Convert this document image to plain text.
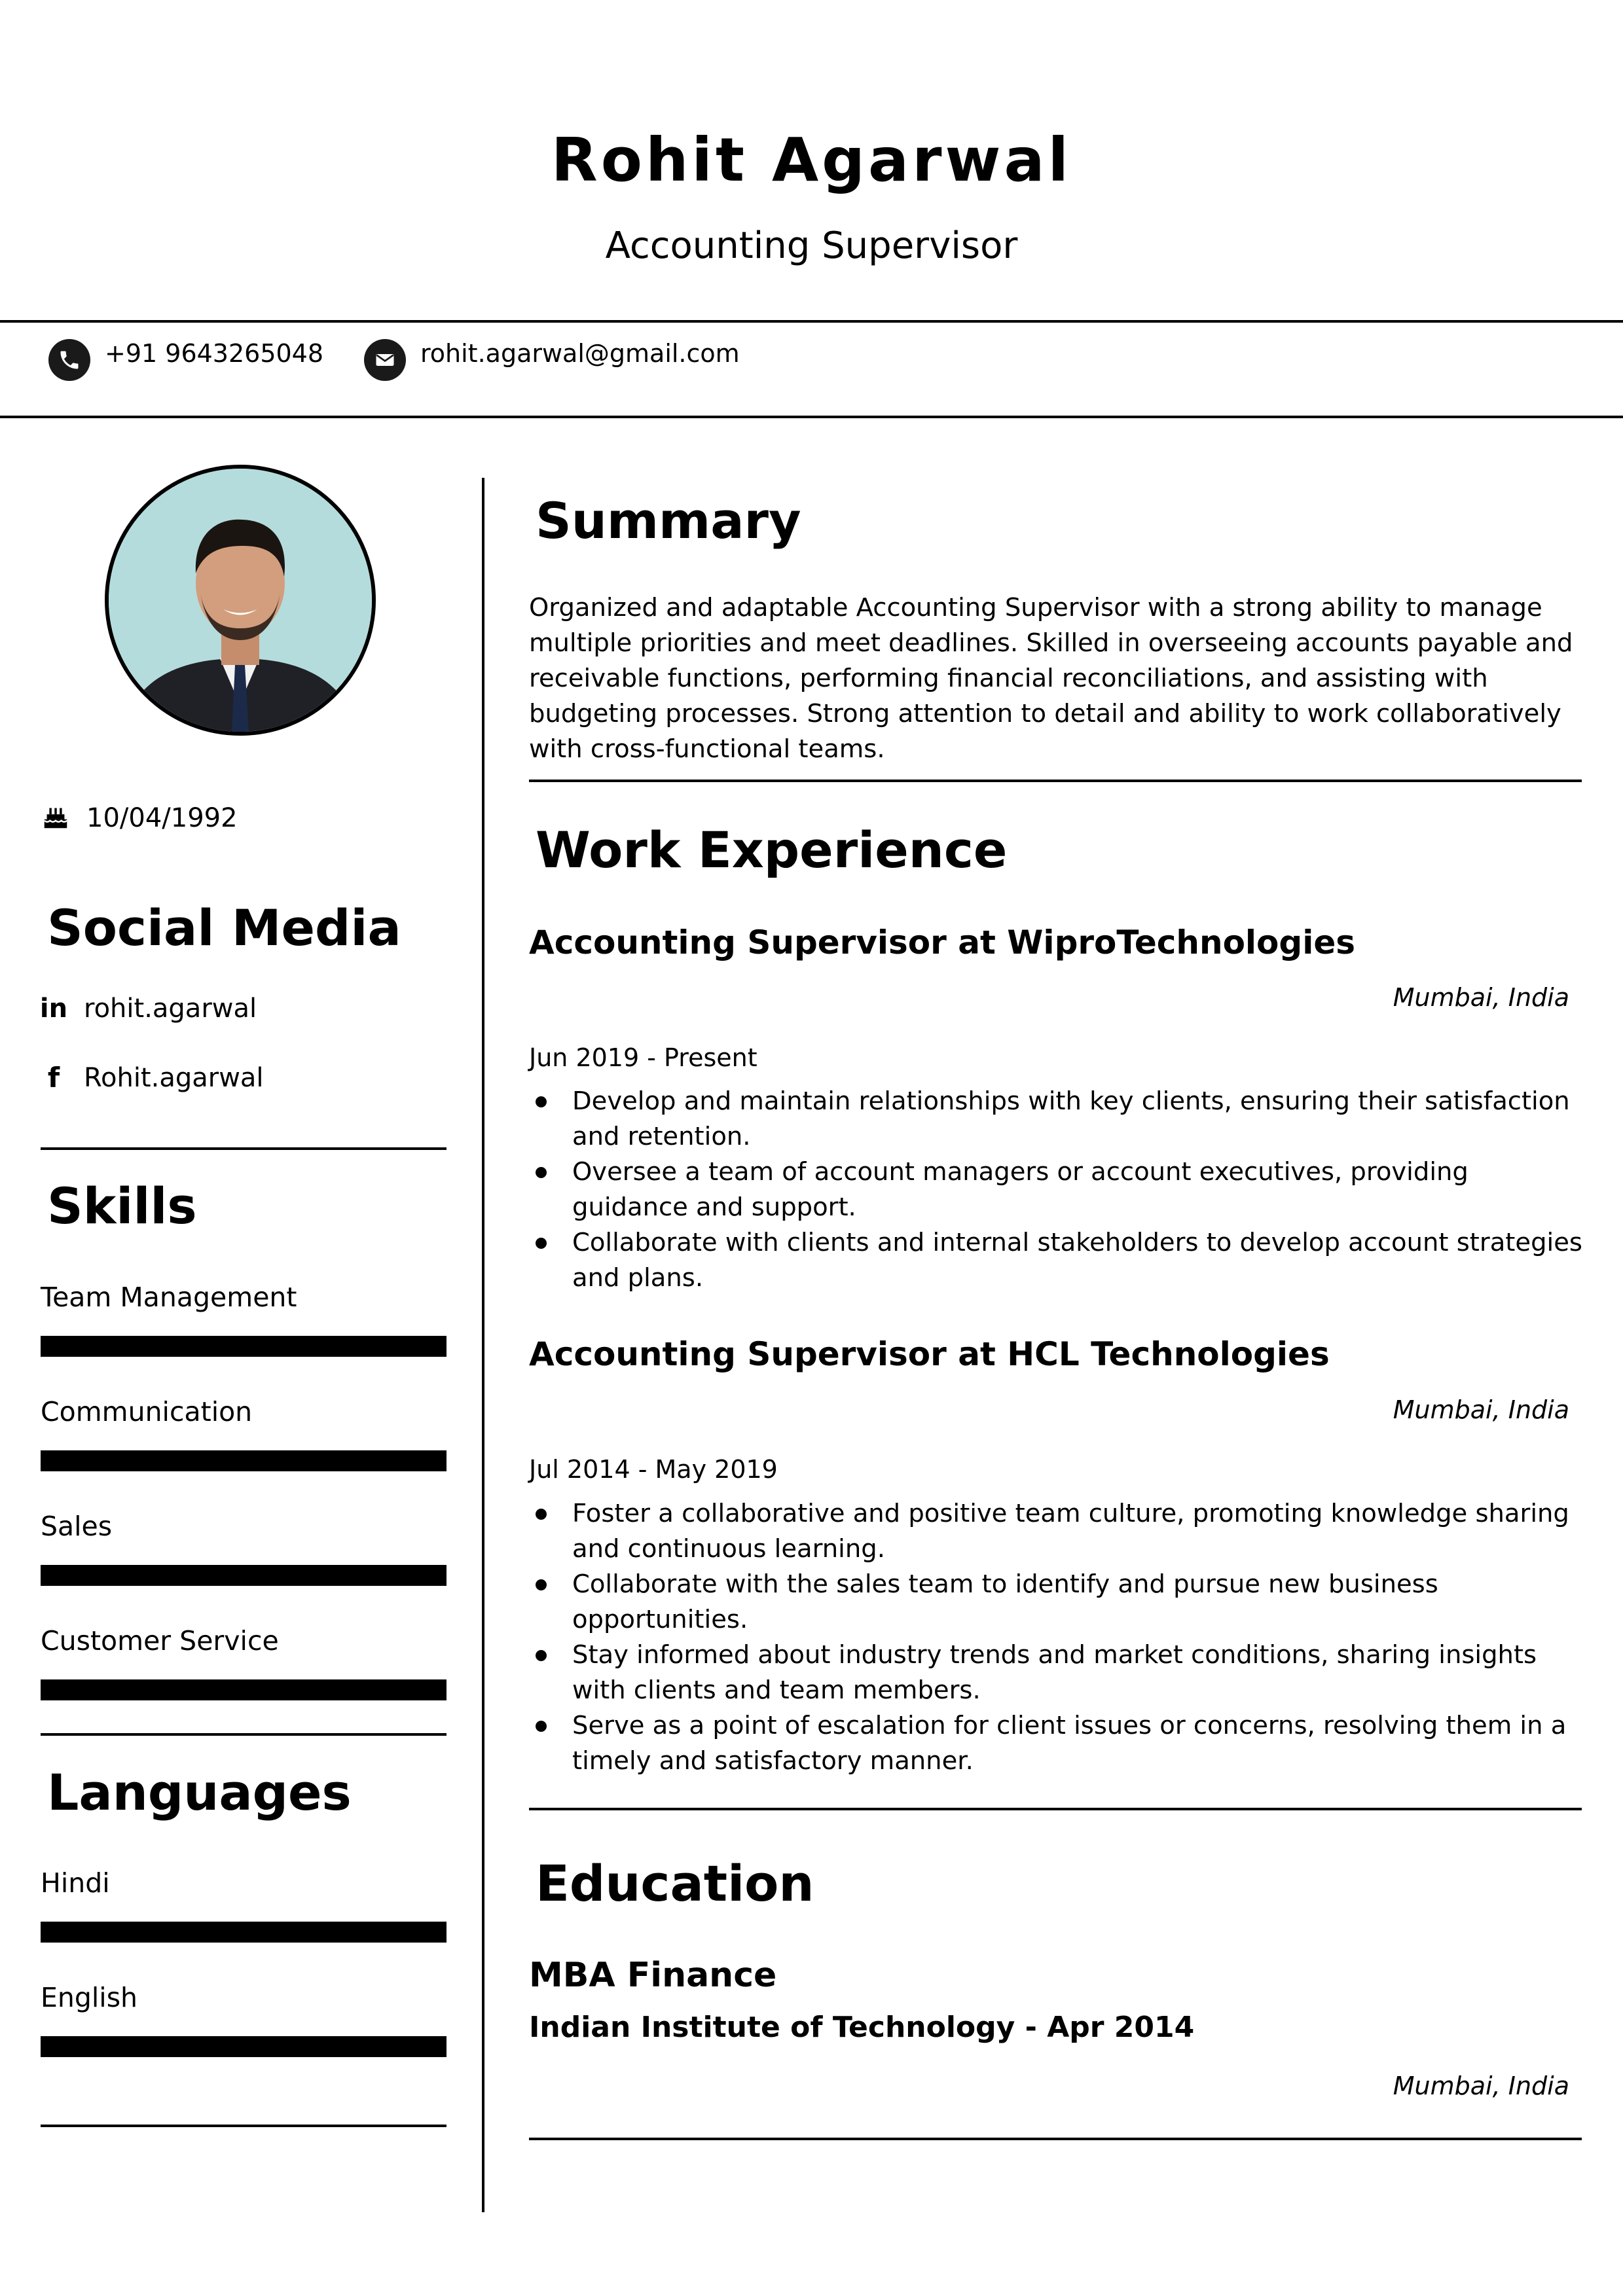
Rohit Agarwal
Accounting Supervisor
+91 9643265048	rohit.agarwal@gmail.com
10/04/1992
Social Media
in rohit.agarwal
f Rohit.agarwal
Skills
Team Management
Communication
Sales
Customer Service
Languages
Hindi
English
Summary
Organized and adaptable Accounting Supervisor with a strong ability to manage multiple priorities and meet deadlines. Skilled in overseeing accounts payable and receivable functions, performing financial reconciliations, and assisting with budgeting processes. Strong attention to detail and ability to work collaboratively with cross-functional teams.
Work Experience
Accounting Supervisor at WiproTechnologies
Mumbai, India
Jun 2019 - Present
Develop and maintain relationships with key clients, ensuring their satisfaction and retention.
Oversee a team of account managers or account executives, providing guidance and support.
Collaborate with clients and internal stakeholders to develop account strategies and plans.
Accounting Supervisor at HCL Technologies
Mumbai, India
Jul 2014 - May 2019
Foster a collaborative and positive team culture, promoting knowledge sharing and continuous learning.
Collaborate with the sales team to identify and pursue new business opportunities.
Stay informed about industry trends and market conditions, sharing insights with clients and team members.
Serve as a point of escalation for client issues or concerns, resolving them in a timely and satisfactory manner.
Education
MBA Finance
Indian Institute of Technology - Apr 2014
Mumbai, India
